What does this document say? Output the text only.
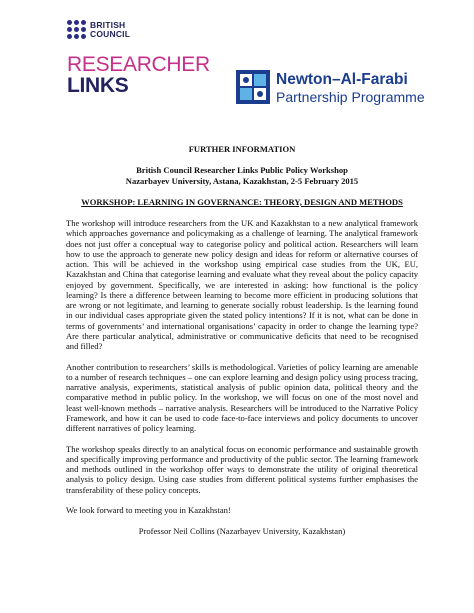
BRITISH
COUNCIL
RESEARCHER
LINKS	Newton–Al-Farabi
Partnership Programme
FURTHER INFORMATION
British Council Researcher Links Public Policy Workshop
Nazarbayev University, Astana, Kazakhstan, 2-5 February 2015
WORKSHOP: LEARNING IN GOVERNANCE: THEORY, DESIGN AND METHODS

The workshop will introduce researchers from the UK and Kazakhstan to a new analytical framework which approaches governance and policymaking as a challenge of learning. The analytical framework does not just offer a conceptual way to categorise policy and political action. Researchers will learn how to use the approach to generate new policy design and ideas for reform or alternative courses of action. This will be achieved in the workshop using empirical case studies from the UK, EU, Kazakhstan and China that categorise learning and evaluate what they reveal about the policy capacity enjoyed by government. Specifically, we are interested in asking: how functional is the policy learning? Is there a difference between learning to become more efficient in producing solutions that are wrong or not legitimate, and learning to generate socially robust leadership. Is the learning found in our individual cases appropriate given the stated policy intentions? If it is not, what can be done in terms of governments’ and international organisations’ capacity in order to change the learning type? Are there particular analytical, administrative or communicative deficits that need to be recognised and filled?

Another contribution to researchers’ skills is methodological. Varieties of policy learning are amenable to a number of research techniques – one can explore learning and design policy using process tracing, narrative analysis, experiments, statistical analysis of public opinion data, political theory and the comparative method in public policy. In the workshop, we will focus on one of the most novel and least well-known methods – narrative analysis. Researchers will be introduced to the Narrative Policy Framework, and how it can be used to code face-to-face interviews and policy documents to uncover different narratives of policy learning.

The workshop speaks directly to an analytical focus on economic performance and sustainable growth and specifically improving performance and productivity of the public sector. The learning framework and methods outlined in the workshop offer ways to demonstrate the utility of original theoretical analysis to policy design. Using case studies from different political systems further emphasises the transferability of these policy concepts.

We look forward to meeting you in Kazakhstan!

Professor Neil Collins (Nazarbayev University, Kazakhstan)
